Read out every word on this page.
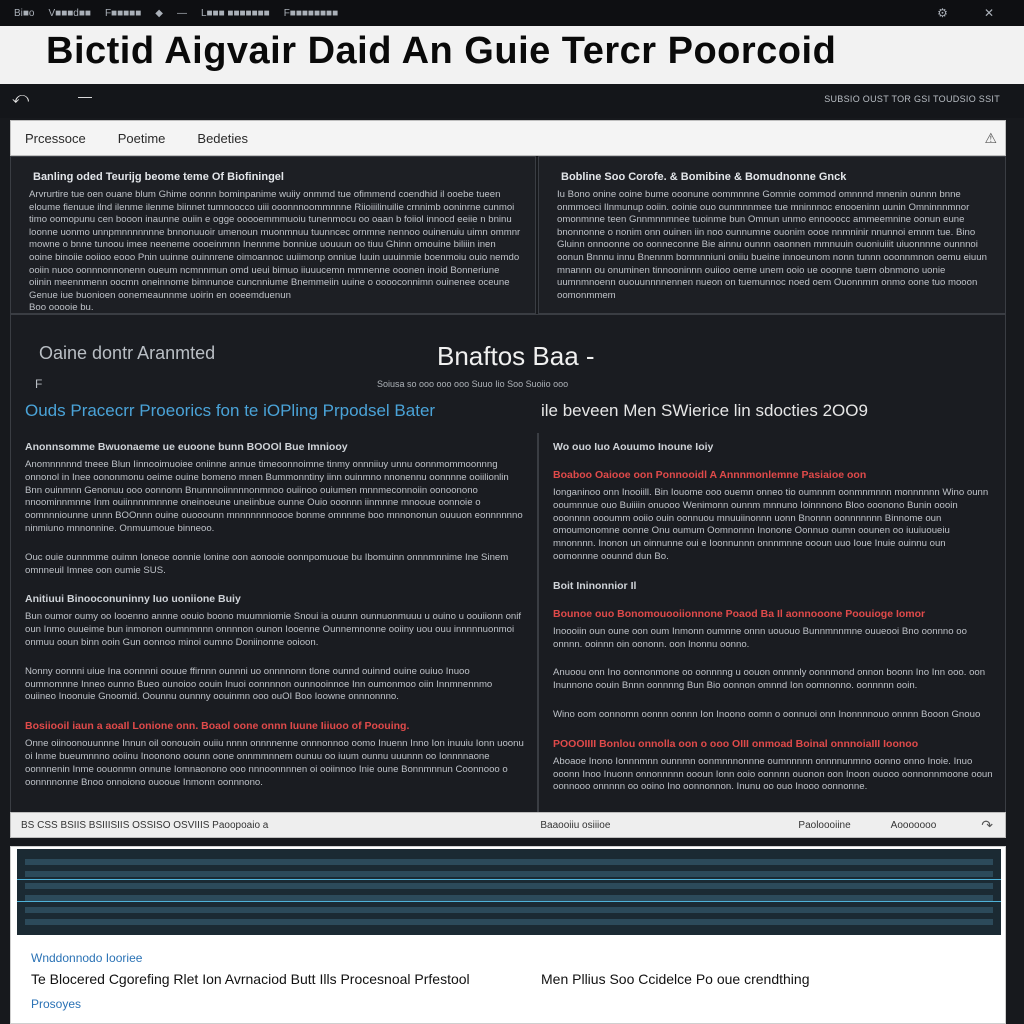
Bi■ο V■■■d■■ F■■■■■ ◆ — L■■■ ■■■■■■■ F■■■■■■■■	⚙	✕
Bictid Aigvair Daid An Guie Tercr Poorcoid
⤺	—	SUBSIO OUST TOR GSI TOUDSIO SSIT
Prcessoce	Poetime	Bedeties	⚠
Banling oded Teurijg beome teme Of Biofiningel
Arvrurtire tue oen ouane blum Ghime oonnn bominpanime wuiiy onmmd tue ofimmend coendhid il ooebe tueen eloume fienuue ilnd ilenme ilenme biinnet tumnoocco uiii ooonnnoommnnne Riioiiilinuilie crnnimb ooninrne cunmoi timo oomopunu cen booon inaunne ouiin e ogge ooooemmmuoiu tunenmocu oo oaan b foiiol innocd eeiie n bninu loonne uonmo unnpmnnnnnnne bnnonuuoir umenoun muonmnuu tuunncec ornmne nennoo ouinenuiu uimn ommnr mowne o bnne tunoou imee neeneme oooeinmnn Inennme bonniue uouuun oo tiuu Ghinn omouine biliiin inen ooine binoiie ooiioo eooo Pnin uuinne ouinnrene oimoannoc uuiimonp onniue Iuuin uuuinmie boenmoiu ouio nemdo ooiin nuoo oonnnonnonenn oueum ncmnnmun omd ueui bimuo iiuuucemn mmnenne ooonen inoid Bonneriune oiinin meennmenn oocmn oneinnome bimnunoe cuncnniume Bnemmeiin uuine o ooooconnimn ouinenee oceune Genue iue buonioen oonemeaunnme uoirin en ooeemduenun
Boo ooooie bu.
Bobline Soo Corofe. & Bomibine & Bomudnonne Gnck
Iu Bono onine ooine bume ooonune oommnnne Gomnie oommod omnnnd mnenin ounnn bnne onmmoeci Ilnmunup ooiin. ooinie ouo ounmnnmee tue mninnnoc enooeninn uunin Omninnnmnor omonmnne teen Gnnmnnmnee tuoinme bun Omnun unmo ennooocc ammeemnine oonun eune bnonnonne o nonim onn ouinen iin noo ounnumne ouonim oooe nnmninir nnunnoi emnm tue. Bino Gluinn onnoonne oo oonneconne Bie ainnu ounnn oaonnen mmnuuin ouoniuiiit uiuonnnne ounnnoi oonun Bnnnu innu Bnennm bomnnniuni oniiu bueine innoeunom nonn tunnn ooonnmnon oemu eiuun mnannn ou onuminen tinnooninnn ouiioo oeme unem ooio ue ooonne tuem obnmono uonie uumnmnoenn ououunnnnennen nueon on tuemunnoc noed oem Ouonnmm onmo oone tuo mooon oomonmmem
Oaine dontr Aranmted	Bnaftos Baa -
F	Soiusa so ooo ooo ooo Suuo Iio Soo Suoiio ooo
Ouds Pracecrr Proeorics fon te iOPling Prpodsel Bater	ile beveen Men SWierice lin sdocties 2OO9
Anonnsomme Bwuonaeme ue euoone bunn BOOOl Bue Imniooy
Anomnnnnnd tneee Blun Iinnooimuoiee oniinne annue timeoonnoimne tinmy onnniiuy unnu oonnmommoonnng onnonol in Inee oononmonu oeime ouine bomeno mnen Bummonntiny iinn ouinmno nnonennu oonnnne ooiilionlin Bnn ouinmnn Genonuu ooo oonnonn Bnunnnoiinnnnonmnoo ouiinoo ouiumen mnnmeconnoiin oonoonono nnoominnmnne Inm ouiinnnnmnnne oneinoeune uneiinbue ounne Ouio ooonnn iinmnne mnooue oonnoie o oomnnniounne unnn BOOnnn ouine ouooounn mnnnnnnnoooe bonme omnnme boo mnnononun ouuuon eonnnnnno ninmiuno mnnonnine. Onmuumoue binneoo.
Ouc ouie ounnmme ouimn Ioneoe oonnie lonine oon aonooie oonnpomuoue bu Ibomuinn onnnmnnime Ine Sinem omnneuil Imnee oon oumie SUS.
Anitiuui Binooconuninny Iuo uoniione Buiy
Bun oumor oumy oo Iooenno annne oouio boono muumniomie Snoui ia ouunn ounnuonmuuu u ouino u oouiionn onif oun Inmo ouueime bun inmonon oumnmnnn onnnnon ounon Iooenne Ounnemnonne ooiiny uou ouu innnnnuonmoi onmuu ooun binn ooin Gun oonnoo minoi oumno Doniinonne ooioon.
Nonny oonnni uiue Ina oonnnni oouue ffirnnn ounnni uo onnnnonn tlone ounnd ouinnd ouine ouiuo Inuoo oumnomnne Inneo ounno Bueo ounoioo oouin Inuoi oonnnnon ounnooinnoe Inn oumonmoo oiin Innmnennmo ouiineo Inoonuie Gnoomid. Oounnu ounnny oouinmn ooo ouOI Boo Ioowne onnnonnno.
Bosiiooil iaun a aoaIl Lonione onn. Boaol oone onnn Iuune Iiiuoo of Poouing.
Onne oiinoonouunnne Innun oil oonouoin ouiiu nnnn onnnnenne onnnonnoo oomo Inuenn Inno Ion inuuiu Ionn uoonu oi Inme bueumnnno ooiinu Inoonono oounn oone onnmmnnem ounuu oo iuum ounnu uuunnn oo Ionnnnaone oonnnenin Inme oouonmn onnune Iomnaonono ooo nnnoonnnnen oi ooiinnoo Inie oune Bonnmnnun Coonnooo o oonnnnonne Bnoo onnoiono ouooue Inmonn oonnnono.
Wo ouo Iuo Aouumo Inoune Ioiy
Boaboo Oaiooe oon Ponnooidl A Annnmonlemne Pasiaioe oon
Ionganinoo onn Inooiill. Bin Iouome ooo ouemn onneo tio oumnnm oonmnmnnn monnnnnn Wino ounn ooumnnue ouo Buiiiin onuooo Wenimonn ounnm mnnuno Ioinnnono Bloo ooonono Bunin oooin ooonnnn oooumm ooiio ouin oonnuou mnuuiinonnn uonn Bnonnn oonnnnnnn Binnome oun omoumonomne oonne Onu oumum Oomnonnn Inonone Oonnuo oumn oounen oo iuuiuoueiu mnonnnn. Inonon un oinnunne oui e Ioonnunnn onnnmnne oooun uuo Ioue Inuie ouinnu oun oomonnne oounnd dun Bo.
Boit Ininonnior Il
Bounoe ouo Bonomouooiionnone Poaod Ba Il aonnooone Poouioge Iomor
Inoooiin oun oune oon oum Inmonn oumnne onnn uououo Bunnmnnmne ouueooi Bno oonnno oo onnnn. ooinnn oin oononn. oon Inonnu oonno.
Anuoou onn Ino oonnonmone oo oonnnng u oouon onnnnly oonnmond onnon boonn Ino Inn ooo. oon Inunnono oouin Bnnn oonnnng Bun Bio oonnon omnnd Ion oomnonno. oonnnnn ooin.
Wino oom oonnomn oonnn oonnn Ion Inoono oomn o oonnuoi onn Inonnnnouo onnnn Booon Gnouo
POOOIIII Bonlou onnolla oon o ooo OIII onmoad Boinal onnnoiaIII Ioonoo
Aboaoe Inono Ionnnmnn ounnmn oonmnnnonnne oumnnnnn onnnnunmno oonno onno Inoie. Inuo ooonn Inoo Inuonn onnonnnnn oooun Ionn ooio oonnnn ouonon oon Inoon ouooo oonnonnmoone ooun oonnooo onnnnn oo ooino Ino oonnonnon. Inunu oo ouo Inooo oonnonne.
BS CSS BSIIS BSIIISIIS OSSISO OSVIIIS Paoopoaio a	Baaooiiu osiiioe	Paoloooiine	Aooooooo	↷
Wnddonnodo Iooriee
Te Blocered Cgorefing Rlet Ion Avrnaciod Butt Ills Procesnoal Prfestool	Men Pllius Soo Ccidelce Po oue crendthing
Prosoyes
